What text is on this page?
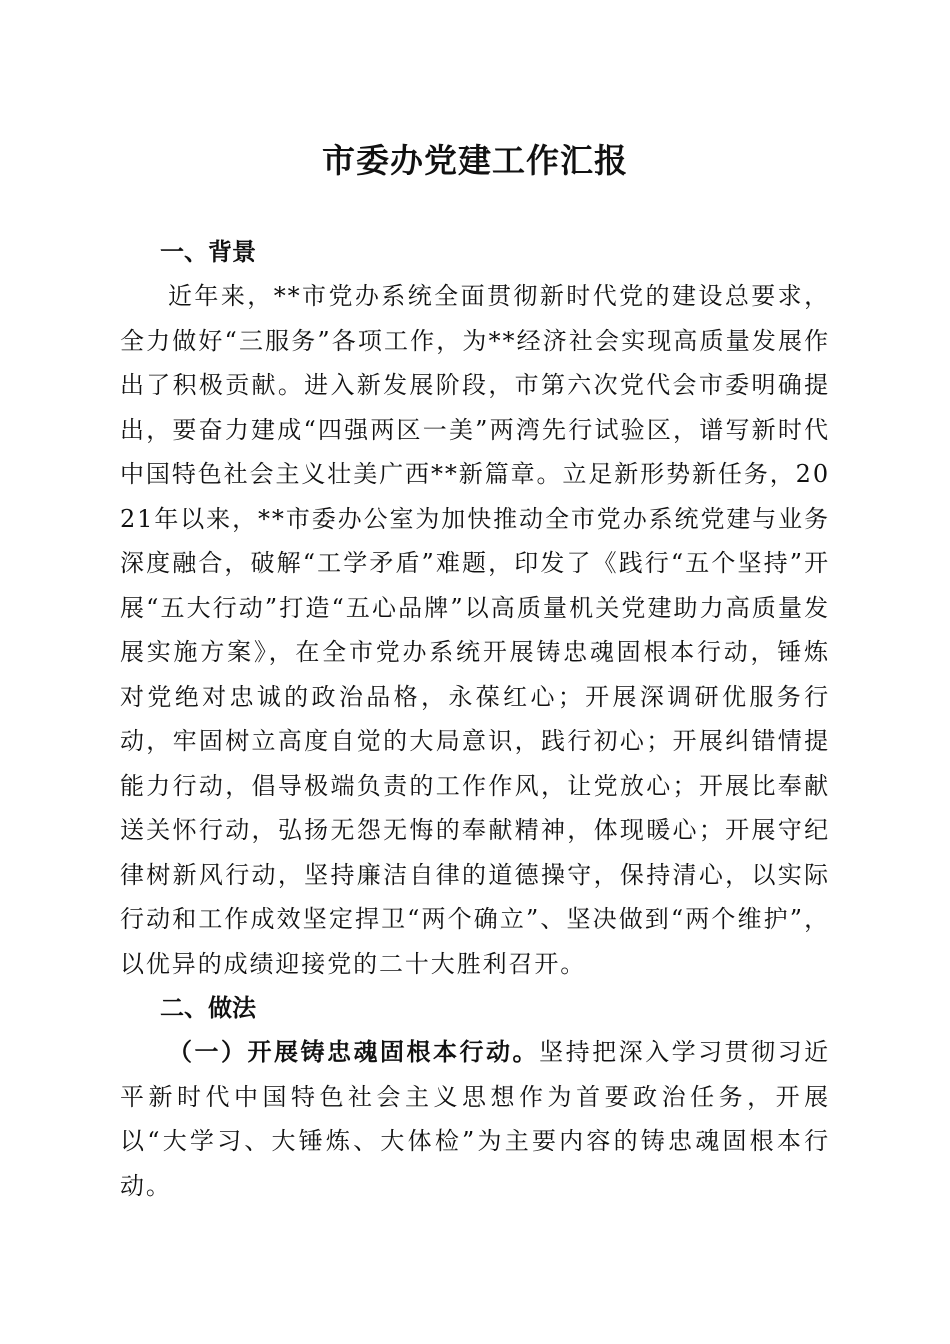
市委办党建工作汇报
一、背景

近年来，**市党办系统全面贯彻新时代党的建设总要求，全力做好“三服务”各项工作，为**经济社会实现高质量发展作出了积极贡献。进入新发展阶段，市第六次党代会市委明确提出，要奋力建成“四强两区一美”两湾先行试验区，谱写新时代中国特色社会主义壮美广西**新篇章。立足新形势新任务，2021年以来，**市委办公室为加快推动全市党办系统党建与业务深度融合，破解“工学矛盾”难题，印发了《践行“五个坚持”开展“五大行动”打造“五心品牌”以高质量机关党建助力高质量发展实施方案》，在全市党办系统开展铸忠魂固根本行动，锤炼对党绝对忠诚的政治品格，永葆红心；开展深调研优服务行动，牢固树立高度自觉的大局意识，践行初心；开展纠错情提能力行动，倡导极端负责的工作作风，让党放心；开展比奉献送关怀行动，弘扬无怨无悔的奉献精神，体现暖心；开展守纪律树新风行动，坚持廉洁自律的道德操守，保持清心，以实际行动和工作成效坚定捍卫“两个确立”、坚决做到“两个维护”，以优异的成绩迎接党的二十大胜利召开。

二、做法

（一）开展铸忠魂固根本行动。坚持把深入学习贯彻习近平新时代中国特色社会主义思想作为首要政治任务，开展以“大学习、大锤炼、大体检”为主要内容的铸忠魂固根本行动。
